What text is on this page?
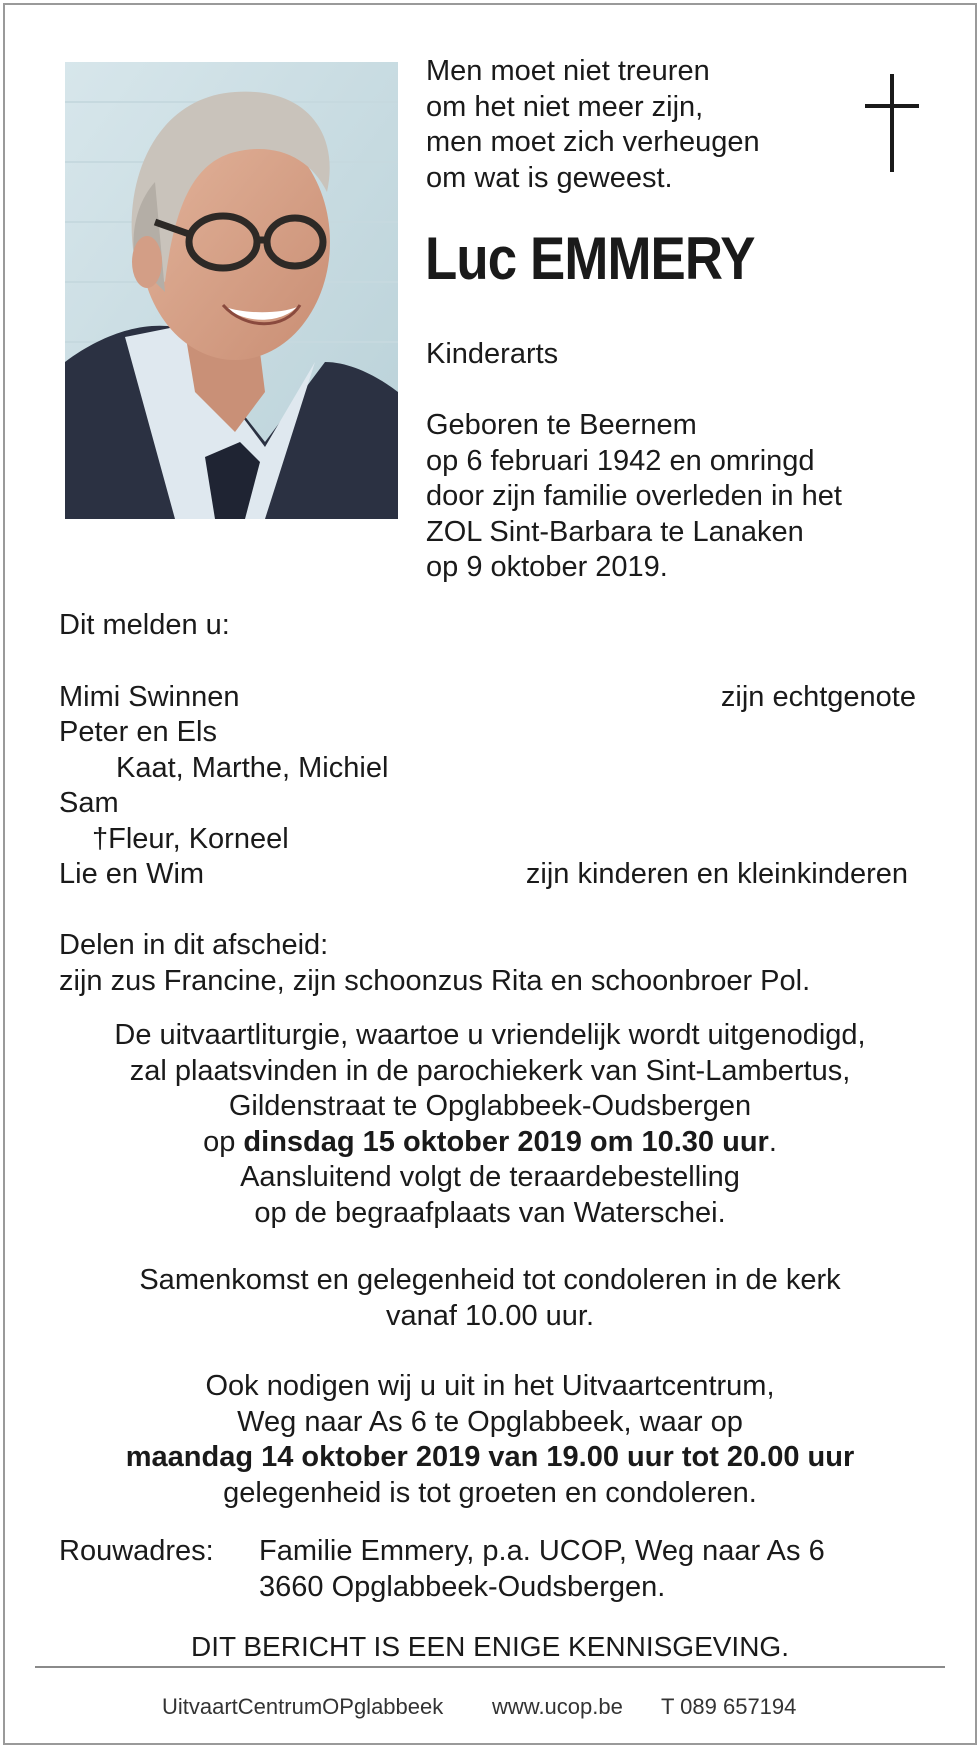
Men moet niet treuren
om het niet meer zijn,
men moet zich verheugen
om wat is geweest.
Luc EMMERY
Kinderarts
Geboren te Beernem
op 6 februari 1942 en omringd
door zijn familie overleden in het
ZOL Sint-Barbara te Lanaken
op 9 oktober 2019.
Dit melden u:
Mimi Swinnen	zijn echtgenote
Peter en Els
Kaat, Marthe, Michiel
Sam
†Fleur, Korneel
Lie en Wim	zijn kinderen en kleinkinderen
Delen in dit afscheid:
zijn zus Francine, zijn schoonzus Rita en schoonbroer Pol.
De uitvaartliturgie, waartoe u vriendelijk wordt uitgenodigd,
zal plaatsvinden in de parochiekerk van Sint-Lambertus,
Gildenstraat te Opglabbeek-Oudsbergen
op dinsdag 15 oktober 2019 om 10.30 uur.
Aansluitend volgt de teraardebestelling
op de begraafplaats van Waterschei.
Samenkomst en gelegenheid tot condoleren in de kerk
vanaf 10.00 uur.
Ook nodigen wij u uit in het Uitvaartcentrum,
Weg naar As 6 te Opglabbeek, waar op
maandag 14 oktober 2019 van 19.00 uur tot 20.00 uur
gelegenheid is tot groeten en condoleren.
Rouwadres: Familie Emmery, p.a. UCOP, Weg naar As 6
3660 Opglabbeek-Oudsbergen.
DIT BERICHT IS EEN ENIGE KENNISGEVING.
UitvaartCentrumOPglabbeek www.ucop.be T 089 657194
